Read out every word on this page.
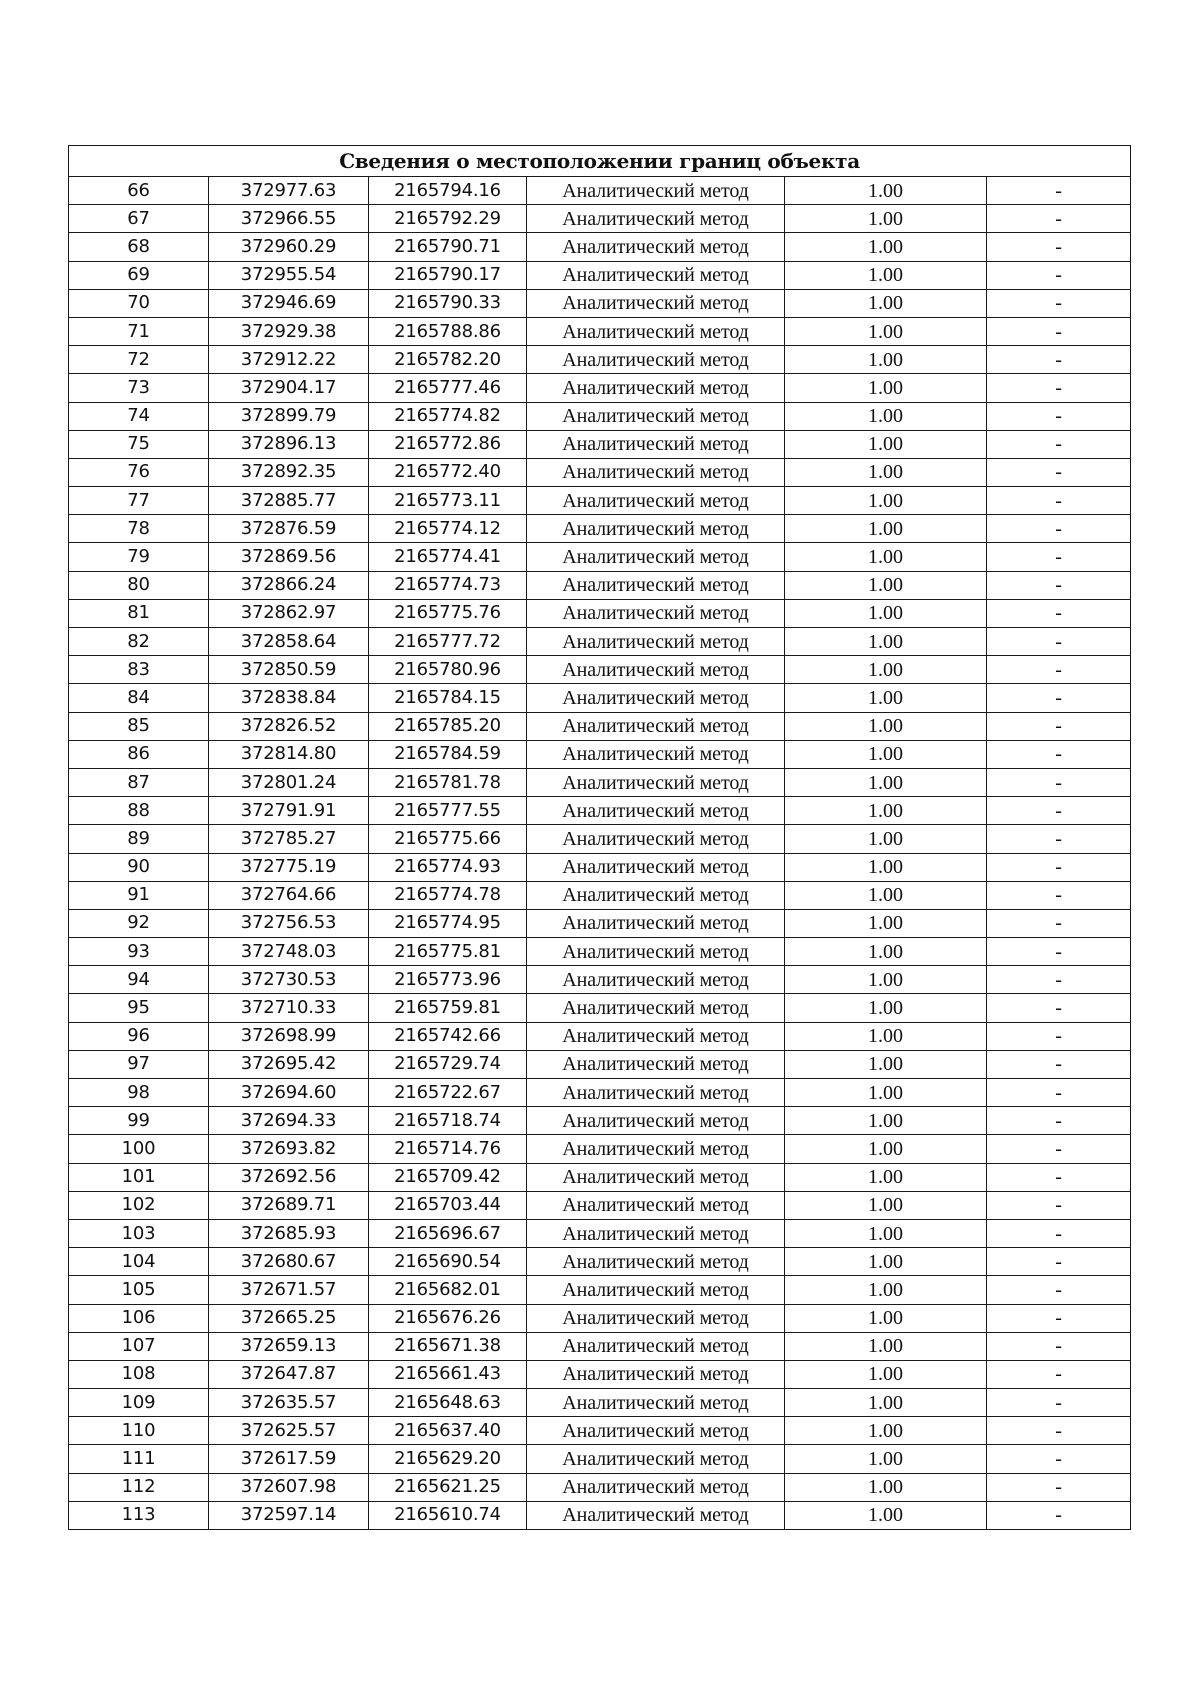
Сведения о местоположении границ объекта					
66	372977.63	2165794.16	Аналитический метод	1.00	-
67	372966.55	2165792.29	Аналитический метод	1.00	-
68	372960.29	2165790.71	Аналитический метод	1.00	-
69	372955.54	2165790.17	Аналитический метод	1.00	-
70	372946.69	2165790.33	Аналитический метод	1.00	-
71	372929.38	2165788.86	Аналитический метод	1.00	-
72	372912.22	2165782.20	Аналитический метод	1.00	-
73	372904.17	2165777.46	Аналитический метод	1.00	-
74	372899.79	2165774.82	Аналитический метод	1.00	-
75	372896.13	2165772.86	Аналитический метод	1.00	-
76	372892.35	2165772.40	Аналитический метод	1.00	-
77	372885.77	2165773.11	Аналитический метод	1.00	-
78	372876.59	2165774.12	Аналитический метод	1.00	-
79	372869.56	2165774.41	Аналитический метод	1.00	-
80	372866.24	2165774.73	Аналитический метод	1.00	-
81	372862.97	2165775.76	Аналитический метод	1.00	-
82	372858.64	2165777.72	Аналитический метод	1.00	-
83	372850.59	2165780.96	Аналитический метод	1.00	-
84	372838.84	2165784.15	Аналитический метод	1.00	-
85	372826.52	2165785.20	Аналитический метод	1.00	-
86	372814.80	2165784.59	Аналитический метод	1.00	-
87	372801.24	2165781.78	Аналитический метод	1.00	-
88	372791.91	2165777.55	Аналитический метод	1.00	-
89	372785.27	2165775.66	Аналитический метод	1.00	-
90	372775.19	2165774.93	Аналитический метод	1.00	-
91	372764.66	2165774.78	Аналитический метод	1.00	-
92	372756.53	2165774.95	Аналитический метод	1.00	-
93	372748.03	2165775.81	Аналитический метод	1.00	-
94	372730.53	2165773.96	Аналитический метод	1.00	-
95	372710.33	2165759.81	Аналитический метод	1.00	-
96	372698.99	2165742.66	Аналитический метод	1.00	-
97	372695.42	2165729.74	Аналитический метод	1.00	-
98	372694.60	2165722.67	Аналитический метод	1.00	-
99	372694.33	2165718.74	Аналитический метод	1.00	-
100	372693.82	2165714.76	Аналитический метод	1.00	-
101	372692.56	2165709.42	Аналитический метод	1.00	-
102	372689.71	2165703.44	Аналитический метод	1.00	-
103	372685.93	2165696.67	Аналитический метод	1.00	-
104	372680.67	2165690.54	Аналитический метод	1.00	-
105	372671.57	2165682.01	Аналитический метод	1.00	-
106	372665.25	2165676.26	Аналитический метод	1.00	-
107	372659.13	2165671.38	Аналитический метод	1.00	-
108	372647.87	2165661.43	Аналитический метод	1.00	-
109	372635.57	2165648.63	Аналитический метод	1.00	-
110	372625.57	2165637.40	Аналитический метод	1.00	-
111	372617.59	2165629.20	Аналитический метод	1.00	-
112	372607.98	2165621.25	Аналитический метод	1.00	-
113	372597.14	2165610.74	Аналитический метод	1.00	-
